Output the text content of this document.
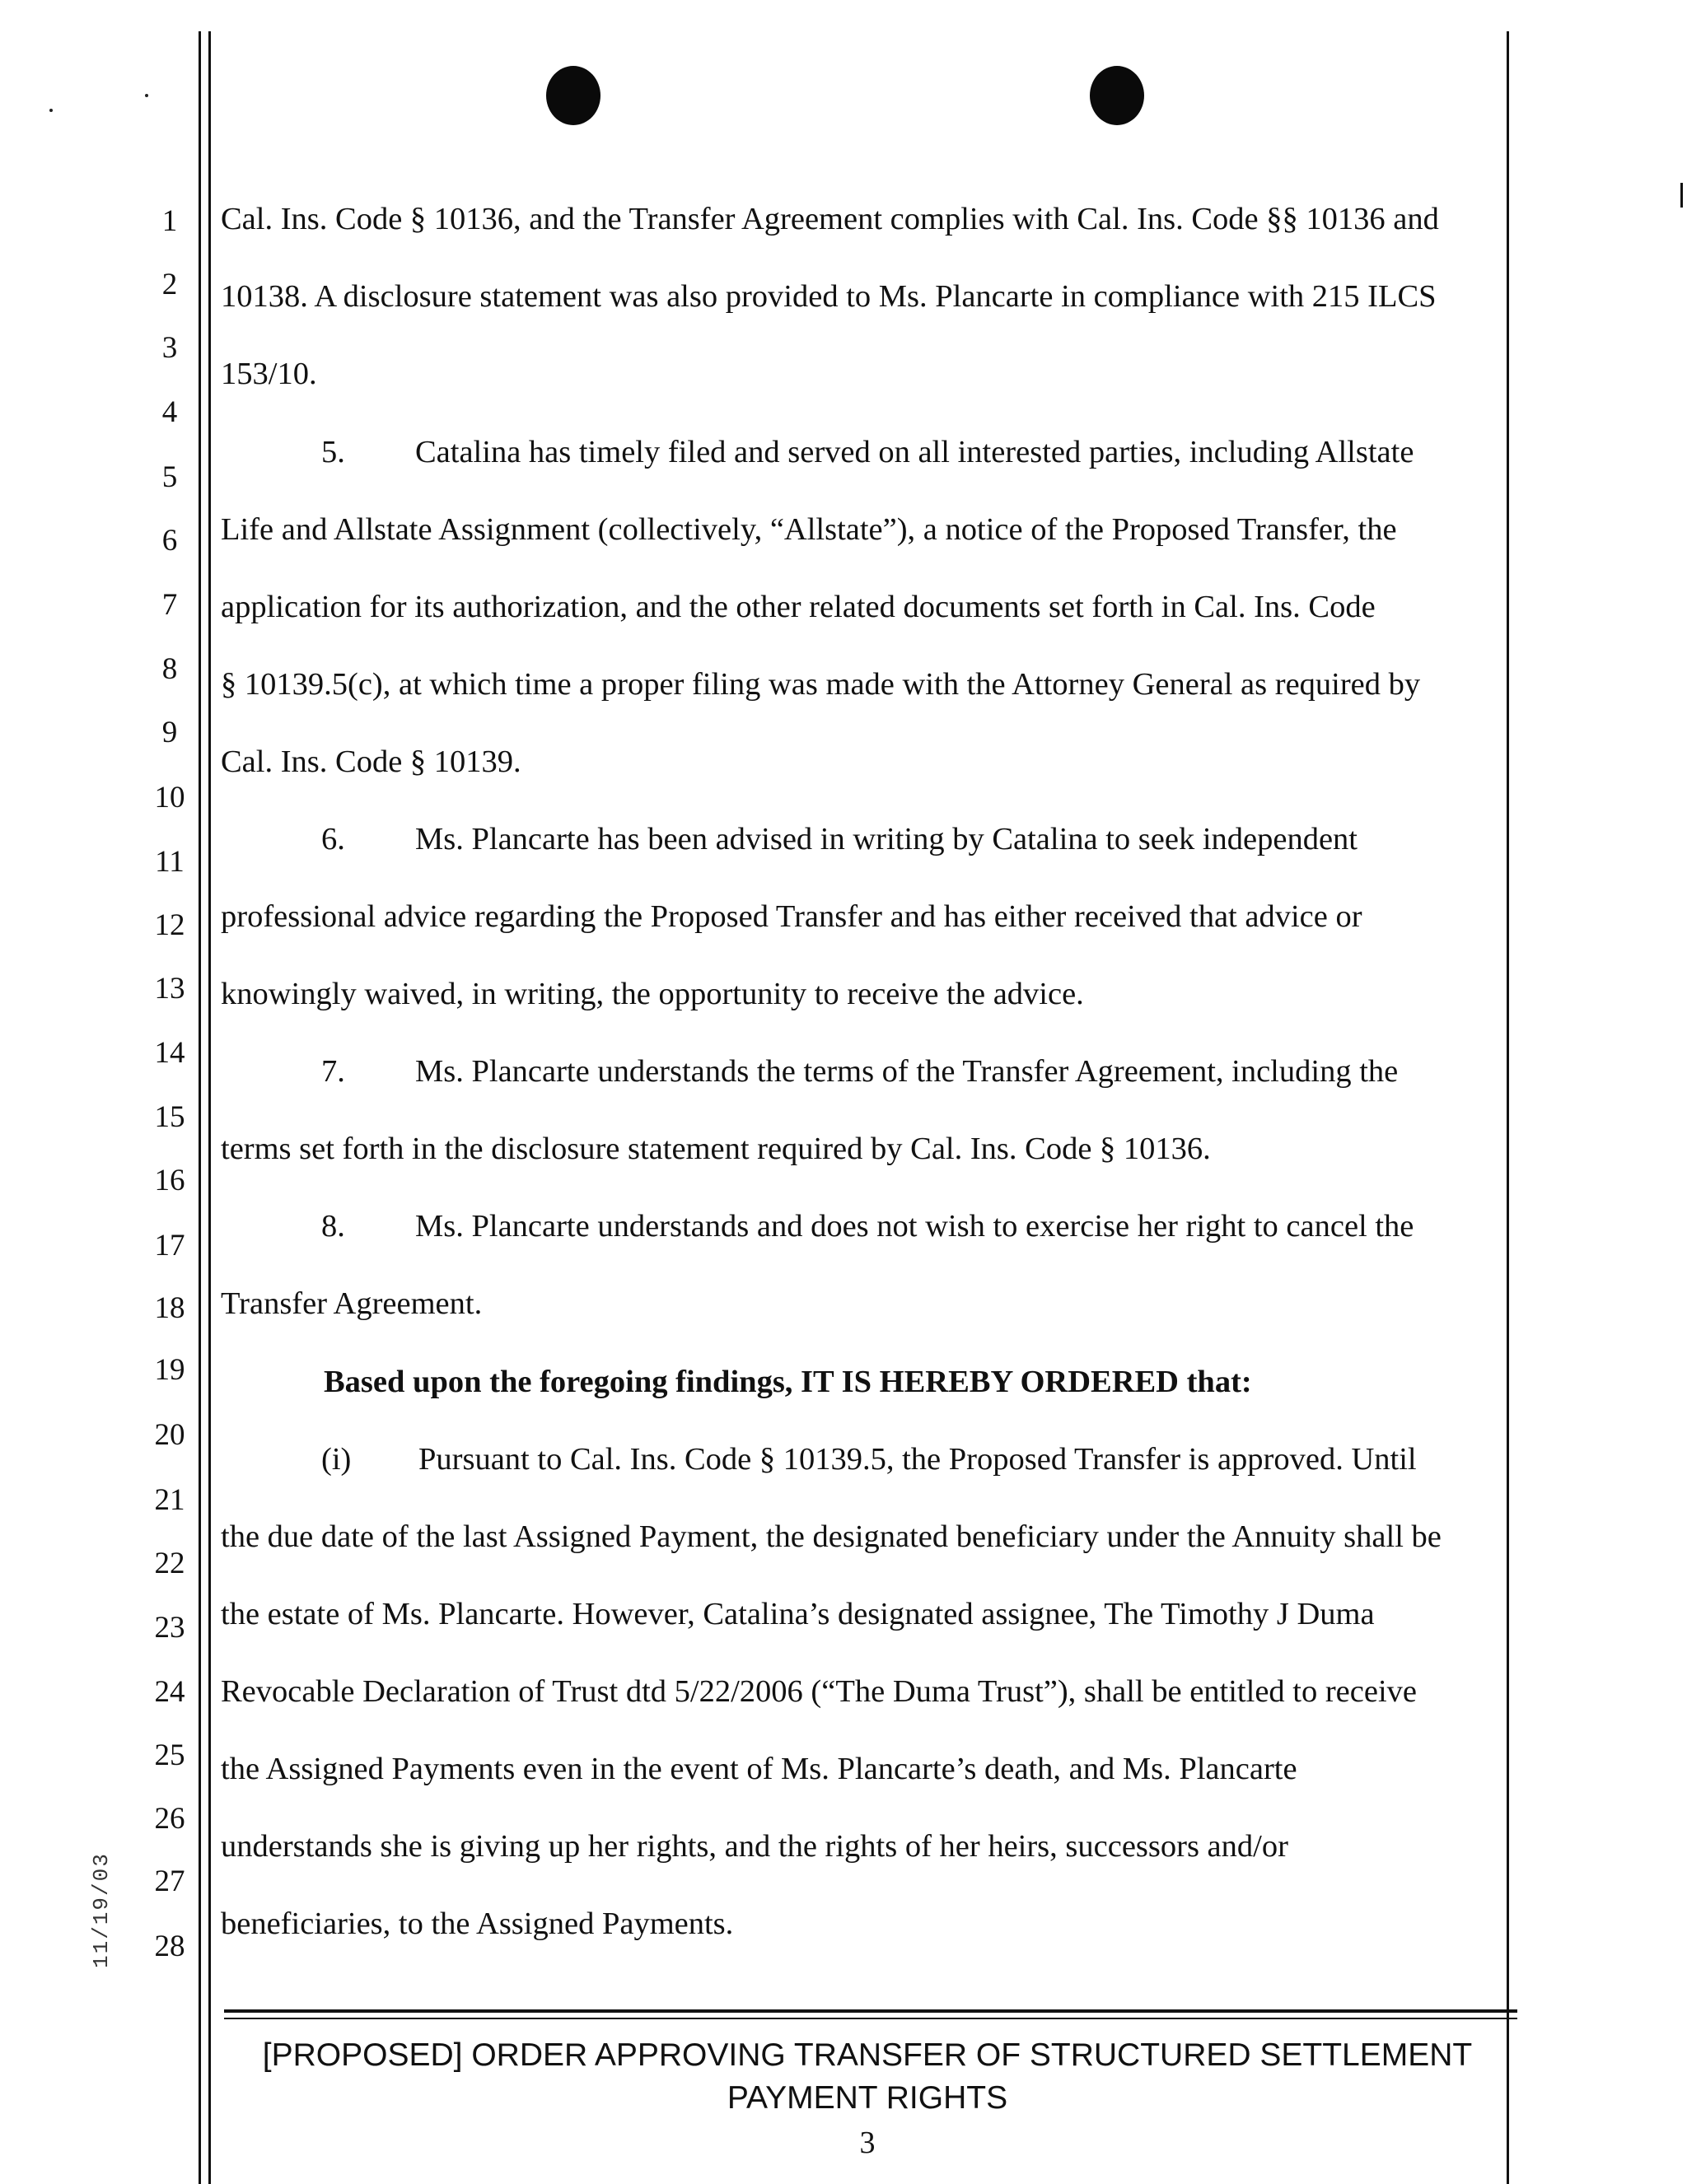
1
2
3
4
5
6
7
8
9
10
11
12
13
14
15
16
17
18
19
20
21
22
23
24
25
26
27
28
Cal. Ins. Code § 10136, and the Transfer Agreement complies with Cal. Ins. Code §§ 10136 and
10138. A disclosure statement was also provided to Ms. Plancarte in compliance with 215 ILCS
153/10.
5. Catalina has timely filed and served on all interested parties, including Allstate
Life and Allstate Assignment (collectively, “Allstate”), a notice of the Proposed Transfer, the
application for its authorization, and the other related documents set forth in Cal. Ins. Code
§ 10139.5(c), at which time a proper filing was made with the Attorney General as required by
Cal. Ins. Code § 10139.
6. Ms. Plancarte has been advised in writing by Catalina to seek independent
professional advice regarding the Proposed Transfer and has either received that advice or
knowingly waived, in writing, the opportunity to receive the advice.
7. Ms. Plancarte understands the terms of the Transfer Agreement, including the
terms set forth in the disclosure statement required by Cal. Ins. Code § 10136.
8. Ms. Plancarte understands and does not wish to exercise her right to cancel the
Transfer Agreement.
Based upon the foregoing findings, IT IS HEREBY ORDERED that:
(i) Pursuant to Cal. Ins. Code § 10139.5, the Proposed Transfer is approved. Until
the due date of the last Assigned Payment, the designated beneficiary under the Annuity shall be
the estate of Ms. Plancarte. However, Catalina’s designated assignee, The Timothy J Duma
Revocable Declaration of Trust dtd 5/22/2006 (“The Duma Trust”), shall be entitled to receive
the Assigned Payments even in the event of Ms. Plancarte’s death, and Ms. Plancarte
understands she is giving up her rights, and the rights of her heirs, successors and/or
beneficiaries, to the Assigned Payments.
[PROPOSED] ORDER APPROVING TRANSFER OF STRUCTURED SETTLEMENT
PAYMENT RIGHTS
3
11/19/03
